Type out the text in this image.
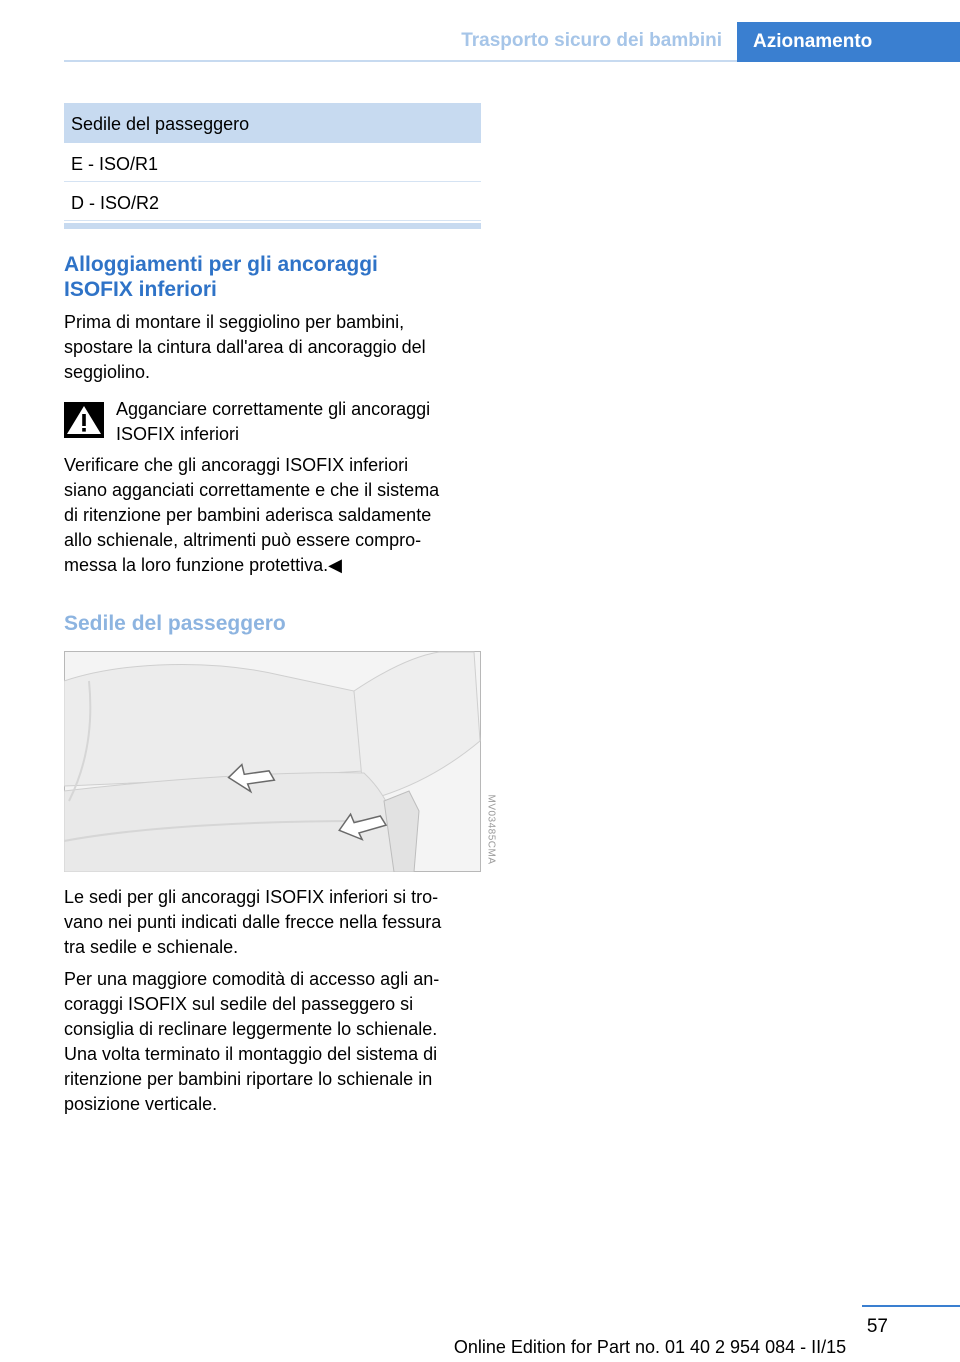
Trasporto sicuro dei bambini	Azionamento
Sedile del passeggero
E - ISO/R1
D - ISO/R2
Alloggiamenti per gli ancoraggi
ISOFIX inferiori
Prima di montare il seggiolino per bambini,
spostare la cintura dall'area di ancoraggio del
seggiolino.
Agganciare correttamente gli ancoraggi
ISOFIX inferiori
Verificare che gli ancoraggi ISOFIX inferiori
siano agganciati correttamente e che il sistema
di ritenzione per bambini aderisca saldamente
allo schienale, altrimenti può essere compro-
messa la loro funzione protettiva.◀
Sedile del passeggero
MV03485CMA
Le sedi per gli ancoraggi ISOFIX inferiori si tro-
vano nei punti indicati dalle frecce nella fessura
tra sedile e schienale.
Per una maggiore comodità di accesso agli an-
coraggi ISOFIX sul sedile del passeggero si
consiglia di reclinare leggermente lo schienale.
Una volta terminato il montaggio del sistema di
ritenzione per bambini riportare lo schienale in
posizione verticale.
57
Online Edition for Part no. 01 40 2 954 084 - II/15
